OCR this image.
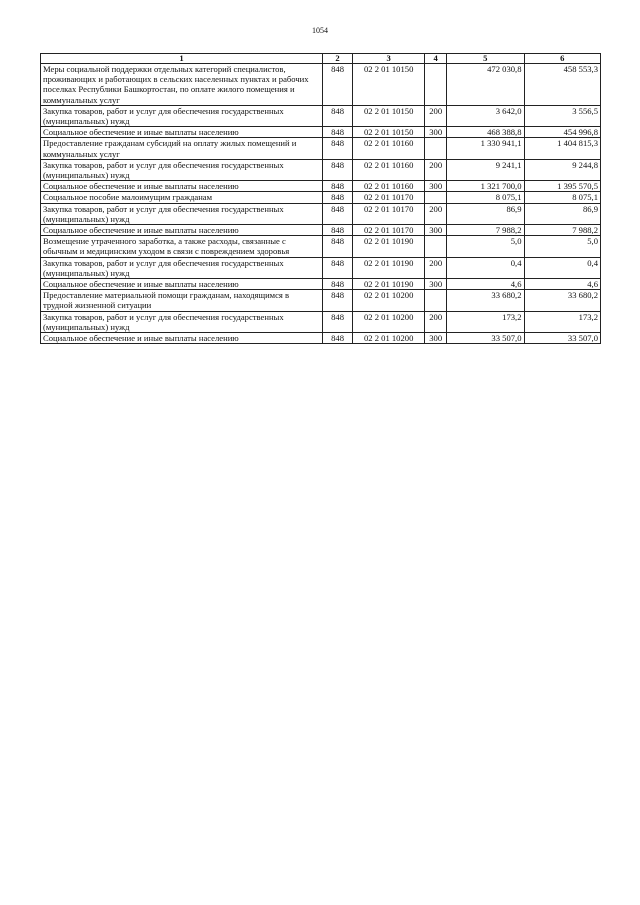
1054
1	2	3	4	5	6
Меры социальной поддержки отдельных категорий специалистов, проживающих и работающих в сельских населенных пунктах и рабочих поселках Республики Башкортостан, по оплате жилого помещения и коммунальных услуг	848	02 2 01 10150		472 030,8	458 553,3
Закупка товаров, работ и услуг для обеспечения государственных (муниципальных) нужд	848	02 2 01 10150	200	3 642,0	3 556,5
Социальное обеспечение и иные выплаты населению	848	02 2 01 10150	300	468 388,8	454 996,8
Предоставление гражданам субсидий на оплату жилых помещений и коммунальных услуг	848	02 2 01 10160		1 330 941,1	1 404 815,3
Закупка товаров, работ и услуг для обеспечения государственных (муниципальных) нужд	848	02 2 01 10160	200	9 241,1	9 244,8
Социальное обеспечение и иные выплаты населению	848	02 2 01 10160	300	1 321 700,0	1 395 570,5
Социальное пособие малоимущим гражданам	848	02 2 01 10170		8 075,1	8 075,1
Закупка товаров, работ и услуг для обеспечения государственных (муниципальных) нужд	848	02 2 01 10170	200	86,9	86,9
Социальное обеспечение и иные выплаты населению	848	02 2 01 10170	300	7 988,2	7 988,2
Возмещение утраченного заработка, а также расходы, связанные с обычным и медицинским уходом в связи с повреждением здоровья	848	02 2 01 10190		5,0	5,0
Закупка товаров, работ и услуг для обеспечения государственных (муниципальных) нужд	848	02 2 01 10190	200	0,4	0,4
Социальное обеспечение и иные выплаты населению	848	02 2 01 10190	300	4,6	4,6
Предоставление материальной помощи гражданам, находящимся в трудной жизненной ситуации	848	02 2 01 10200		33 680,2	33 680,2
Закупка товаров, работ и услуг для обеспечения государственных (муниципальных) нужд	848	02 2 01 10200	200	173,2	173,2
Социальное обеспечение и иные выплаты населению	848	02 2 01 10200	300	33 507,0	33 507,0
